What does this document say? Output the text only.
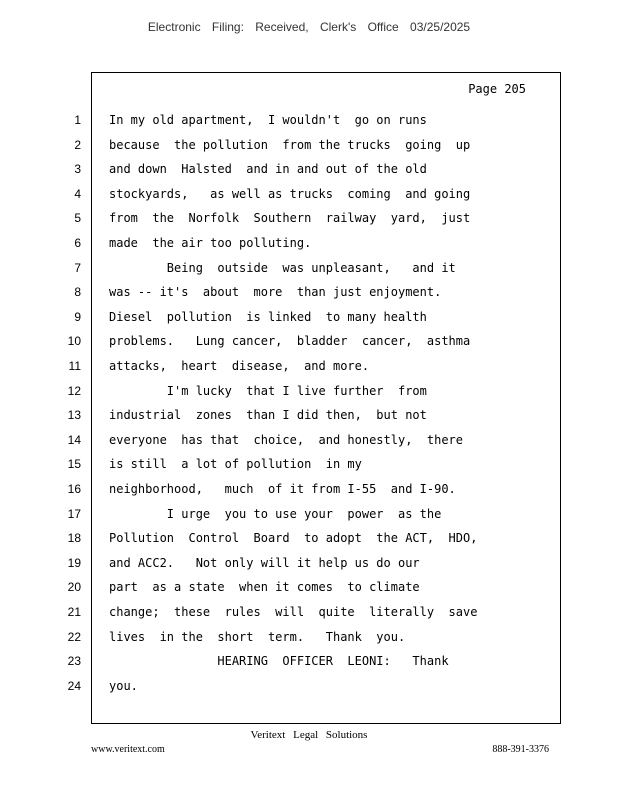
Electronic Filing: Received, Clerk's Office 03/25/2025
Page 205
1 In my old apartment,  I wouldn't  go on runs
2 because  the pollution  from the trucks  going  up
3 and down  Halsted  and in and out of the old
4 stockyards,   as well as trucks  coming  and going
5 from  the  Norfolk  Southern  railway  yard,  just
6 made  the air too polluting.
7 Being  outside  was unpleasant,   and it
8 was -- it's  about  more  than just enjoyment.
9 Diesel  pollution  is linked  to many health
10 problems.   Lung cancer,  bladder  cancer,  asthma
11 attacks,  heart  disease,  and more.
12 I'm lucky  that I live further  from
13 industrial  zones  than I did then,  but not
14 everyone  has that  choice,  and honestly,  there
15 is still  a lot of pollution  in my
16 neighborhood,   much  of it from I-55  and I-90.
17 I urge  you to use your  power  as the
18 Pollution  Control  Board  to adopt  the ACT,  HDO,
19 and ACC2.   Not only will it help us do our
20 part  as a state  when it comes  to climate
21 change;  these  rules  will  quite  literally  save
22 lives  in the  short  term.   Thank  you.
23 HEARING  OFFICER  LEONI:   Thank
24 you.
Veritext Legal Solutions
www.veritext.com	888-391-3376
